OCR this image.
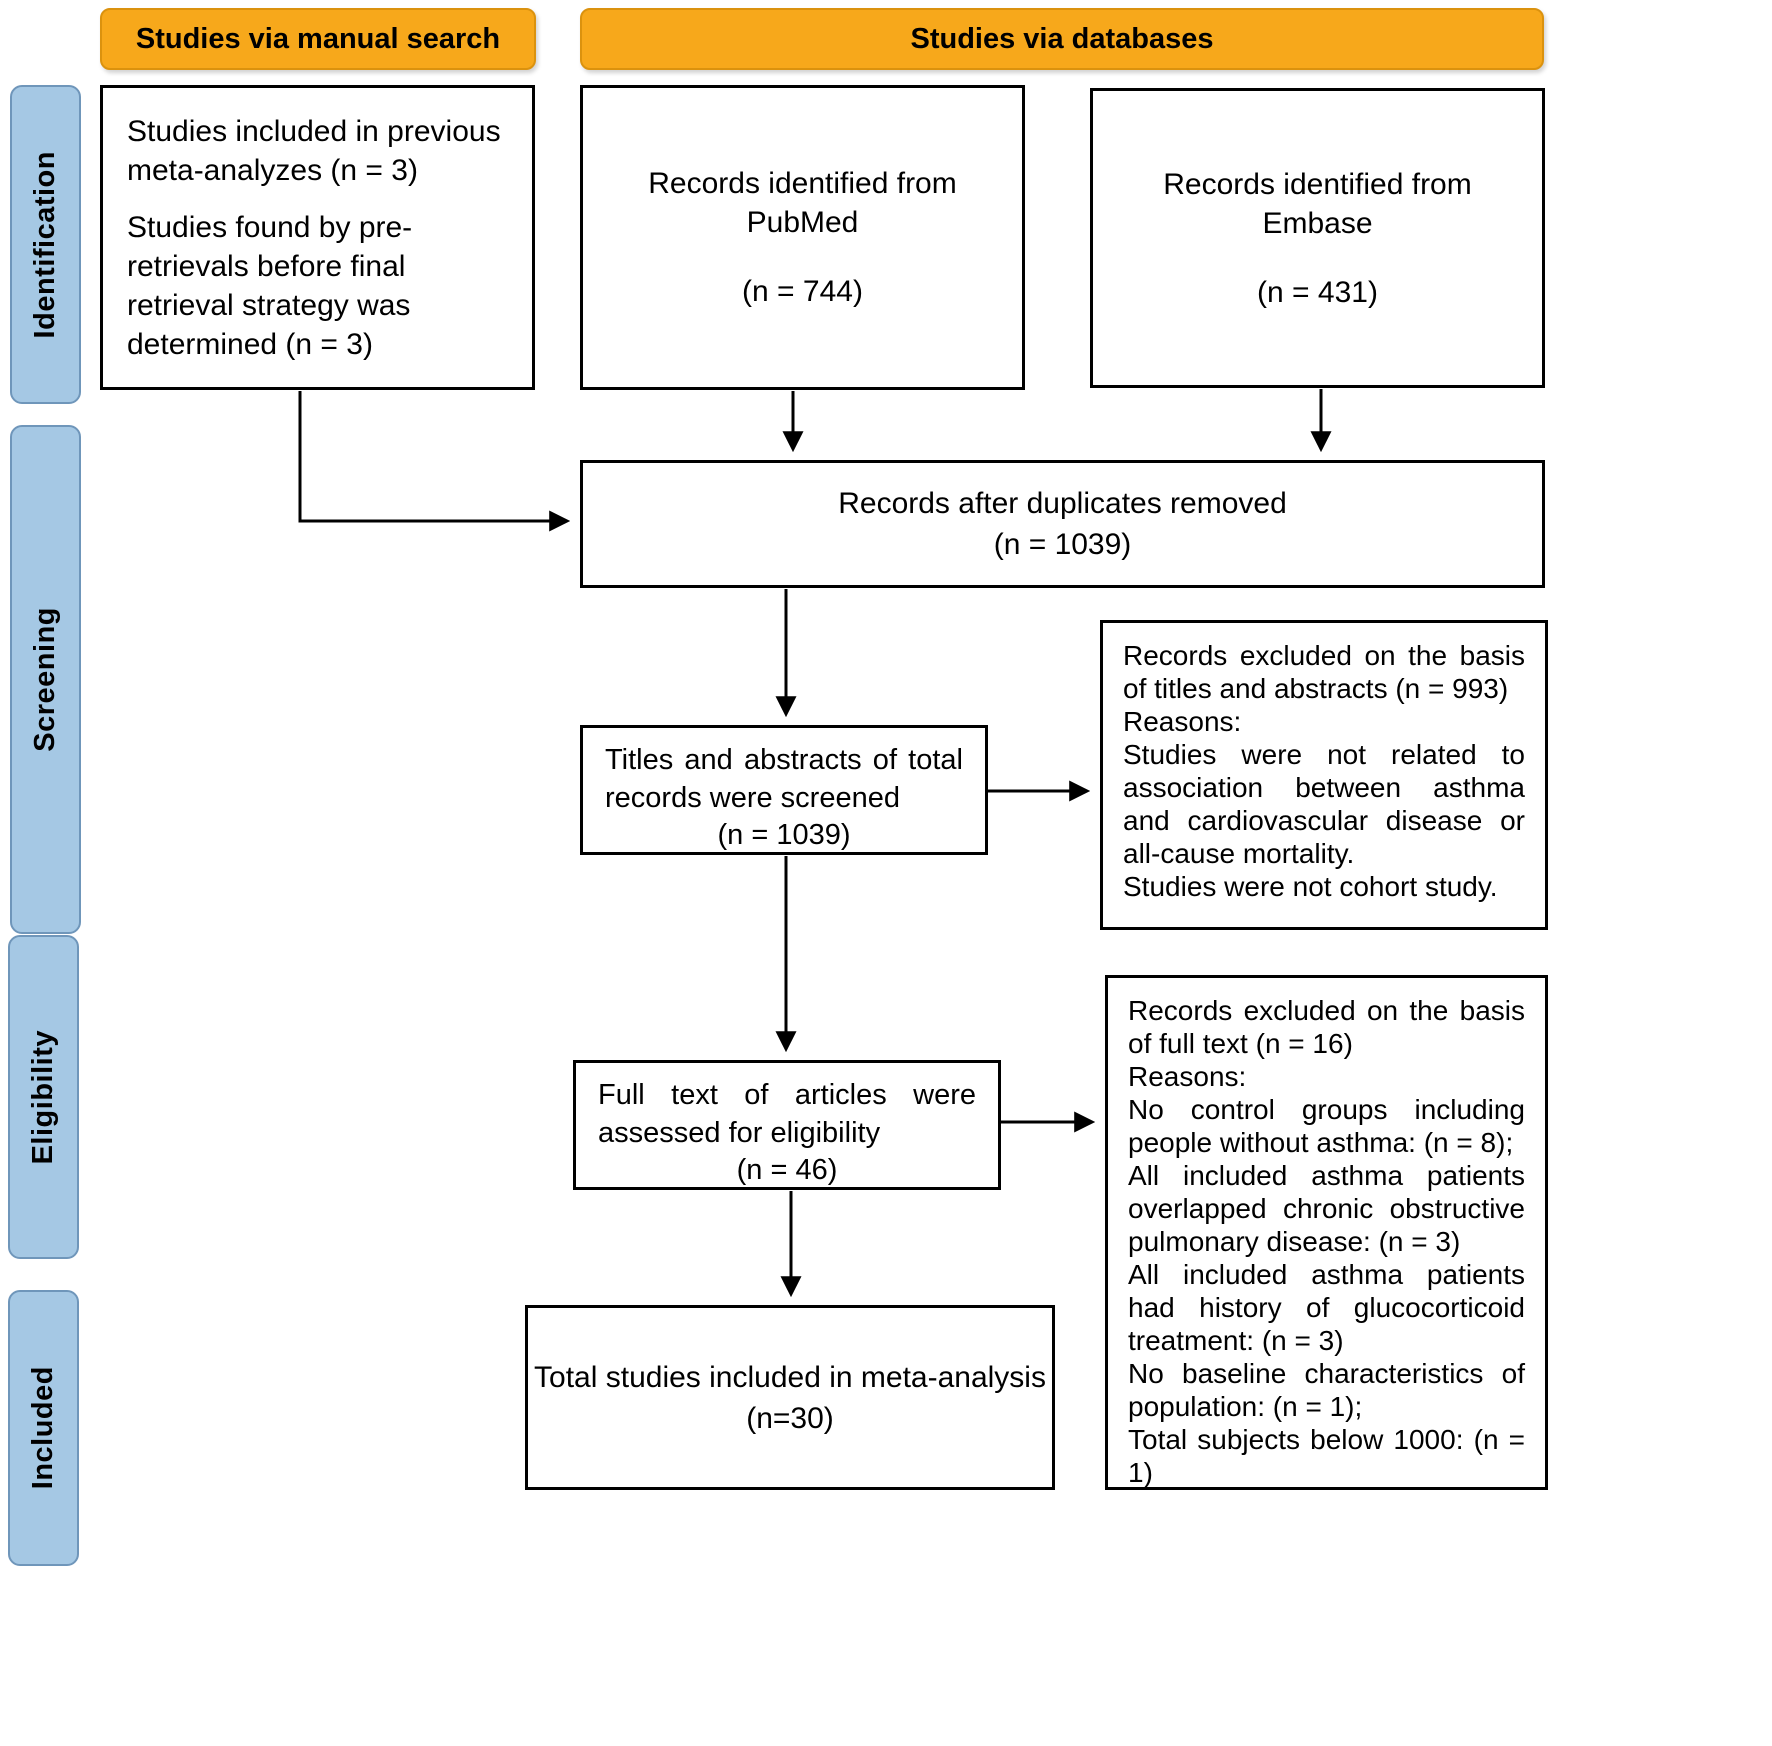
Studies via manual search	Studies via databases
Identification
Screening
Eligibility
Included

Studies included in previous meta-analyzes (n = 3)

Studies found by pre-retrievals before final retrieval strategy was determined (n = 3)

Records identified from PubMed

(n = 744)

Records identified from Embase

(n = 431)

Records after duplicates removed

(n = 1039)

Titles and abstracts of total records were screened

(n = 1039)

Records excluded on the basis of titles and abstracts (n = 993)

Reasons:

Studies were not related to association between asthma and cardiovascular disease or all-cause mortality.

Studies were not cohort study.

Full text of articles were assessed for eligibility

(n = 46)

Records excluded on the basis of full text (n = 16)

Reasons:

No control groups including people without asthma: (n = 8);

All included asthma patients overlapped chronic obstructive pulmonary disease: (n = 3)

All included asthma patients had history of glucocorticoid treatment: (n = 3)

No baseline characteristics of population: (n = 1);

Total subjects below 1000: (n = 1)

Total studies included in meta-analysis

(n=30)
